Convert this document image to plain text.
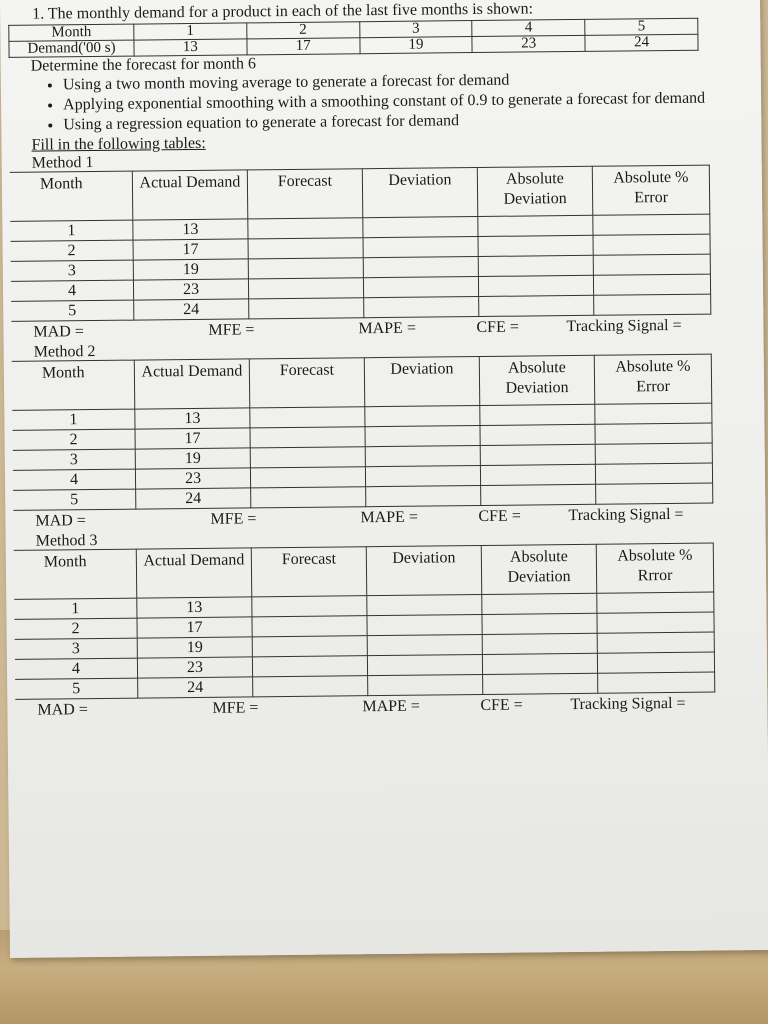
1. The monthly demand for a product in each of the last five months is shown:
Month	1	2	3	4	5
Demand('00 s)	13	17	19	23	24
Determine the forecast for month 6
• Using a two month moving average to generate a forecast for demand
• Applying exponential smoothing with a smoothing constant of 0.9 to generate a forecast for demand
• Using a regression equation to generate a forecast for demand
Fill in the following tables:
Method 1
Month	Actual Demand	Forecast	Deviation	Absolute Deviation	Absolute % Error
1	13				
2	17				
3	19				
4	23				
5	24				
MAD =	MFE =	MAPE =	CFE =	Tracking Signal =
Method 2
Month	Actual Demand	Forecast	Deviation	Absolute Deviation	Absolute % Error
1	13				
2	17				
3	19				
4	23				
5	24				
MAD =	MFE =	MAPE =	CFE =	Tracking Signal =
Method 3
Month	Actual Demand	Forecast	Deviation	Absolute Deviation	Absolute % Rrror
1	13				
2	17				
3	19				
4	23				
5	24				
MAD =	MFE =	MAPE =	CFE =	Tracking Signal =
